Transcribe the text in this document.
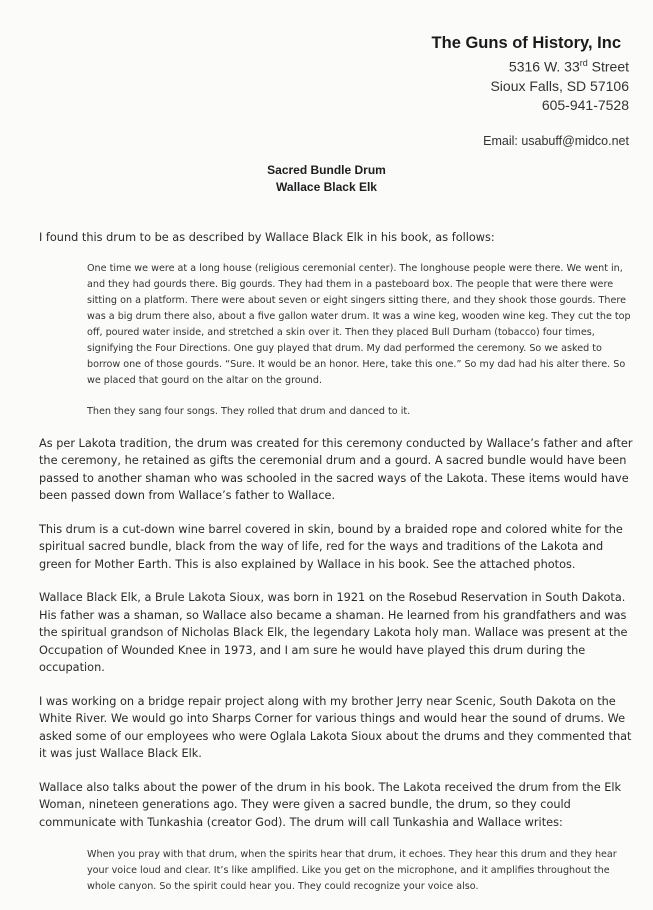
The Guns of History, Inc
5316 W. 33rd Street
Sioux Falls, SD 57106
605-941-7528
Email: usabuff@midco.net
Sacred Bundle Drum
Wallace Black Elk

I found this drum to be as described by Wallace Black Elk in his book, as follows:

One time we were at a long house (religious ceremonial center). The longhouse people were there. We went in, and they had gourds there. Big gourds. They had them in a pasteboard box. The people that were there were sitting on a platform. There were about seven or eight singers sitting there, and they shook those gourds. There was a big drum there also, about a five gallon water drum. It was a wine keg, wooden wine keg. They cut the top off, poured water inside, and stretched a skin over it. Then they placed Bull Durham (tobacco) four times, signifying the Four Directions. One guy played that drum. My dad performed the ceremony. So we asked to borrow one of those gourds. “Sure. It would be an honor. Here, take this one.” So my dad had his alter there. So we placed that gourd on the altar on the ground.

Then they sang four songs. They rolled that drum and danced to it.

As per Lakota tradition, the drum was created for this ceremony conducted by Wallace’s father and after the ceremony, he retained as gifts the ceremonial drum and a gourd. A sacred bundle would have been passed to another shaman who was schooled in the sacred ways of the Lakota. These items would have been passed down from Wallace’s father to Wallace.

This drum is a cut-down wine barrel covered in skin, bound by a braided rope and colored white for the spiritual sacred bundle, black from the way of life, red for the ways and traditions of the Lakota and green for Mother Earth. This is also explained by Wallace in his book. See the attached photos.

Wallace Black Elk, a Brule Lakota Sioux, was born in 1921 on the Rosebud Reservation in South Dakota. His father was a shaman, so Wallace also became a shaman. He learned from his grandfathers and was the spiritual grandson of Nicholas Black Elk, the legendary Lakota holy man. Wallace was present at the Occupation of Wounded Knee in 1973, and I am sure he would have played this drum during the occupation.

I was working on a bridge repair project along with my brother Jerry near Scenic, South Dakota on the White River. We would go into Sharps Corner for various things and would hear the sound of drums. We asked some of our employees who were Oglala Lakota Sioux about the drums and they commented that it was just Wallace Black Elk.

Wallace also talks about the power of the drum in his book. The Lakota received the drum from the Elk Woman, nineteen generations ago. They were given a sacred bundle, the drum, so they could communicate with Tunkashia (creator God). The drum will call Tunkashia and Wallace writes:

When you pray with that drum, when the spirits hear that drum, it echoes. They hear this drum and they hear your voice loud and clear. It’s like amplified. Like you get on the microphone, and it amplifies throughout the whole canyon. So the spirit could hear you. They could recognize your voice also.
